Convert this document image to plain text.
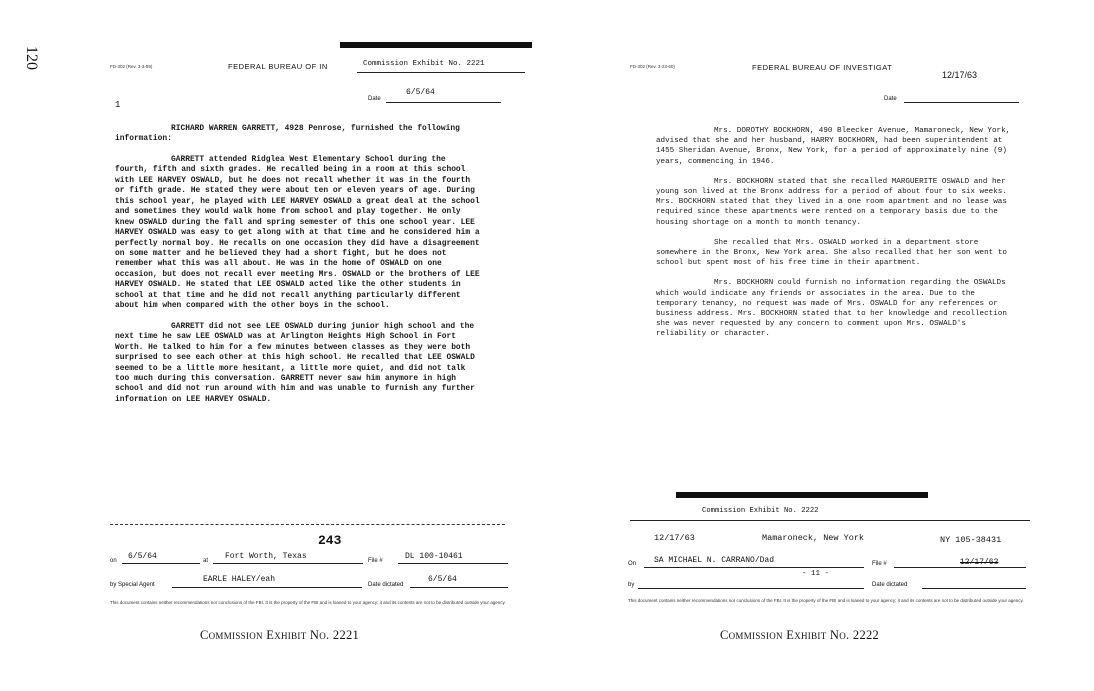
120	FD-302 (Rev. 3-3-59)	FEDERAL BUREAU OF IN	Commission Exhibit No. 2221
Date
6/5/64
1

RICHARD WARREN GARRETT, 4928 Penrose, furnished the following information:

GARRETT attended Ridglea West Elementary School during the fourth, fifth and sixth grades. He recalled being in a room at this school with LEE HARVEY OSWALD, but he does not recall whether it was in the fourth or fifth grade. He stated they were about ten or eleven years of age. During this school year, he played with LEE HARVEY OSWALD a great deal at the school and sometimes they would walk home from school and play together. He only knew OSWALD during the fall and spring semester of this one school year. LEE HARVEY OSWALD was easy to get along with at that time and he considered him a perfectly normal boy. He recalls on one occasion they did have a disagreement on some matter and he believed they had a short fight, but he does not remember what this was all about. He was in the home of OSWALD on one occasion, but does not recall ever meeting Mrs. OSWALD or the brothers of LEE HARVEY OSWALD. He stated that LEE OSWALD acted like the other students in school at that time and he did not recall anything particularly different about him when compared with the other boys in the school.

GARRETT did not see LEE OSWALD during junior high school and the next time he saw LEE OSWALD was at Arlington Heights High School in Fort Worth. He talked to him for a few minutes between classes as they were both surprised to see each other at this high school. He recalled that LEE OSWALD seemed to be a little more hesitant, a little more quiet, and did not talk too much during this conversation. GARRETT never saw him anymore in high school and did not run around with him and was unable to furnish any further information on LEE HARVEY OSWALD.

243
on 6/5/64	at Fort Worth, Texas	File #	DL 100-10461
by Special Agent
EARLE HALEY/eah
Date dictated
6/5/64
This document contains neither recommendations nor conclusions of the FBI. It is the property of the FBI and is loaned to your agency; it and its contents are not to be distributed outside your agency.
Commission Exhibit No. 2221
FD-302 (Rev. 3-23-60)	FEDERAL BUREAU OF INVESTIGAT
12/17/63
Date

Mrs. DOROTHY BOCKHORN, 490 Bleecker Avenue, Mamaroneck, New York, advised that she and her husband, HARRY BOCKHORN, had been superintendent at 1455 Sheridan Avenue, Bronx, New York, for a period of approximately nine (9) years, commencing in 1946.

Mrs. BOCKHORN stated that she recalled MARGUERITE OSWALD and her young son lived at the Bronx address for a period of about four to six weeks. Mrs. BOCKHORN stated that they lived in a one room apartment and no lease was required since these apartments were rented on a temporary basis due to the housing shortage on a month to month tenancy.

She recalled that Mrs. OSWALD worked in a department store somewhere in the Bronx, New York area. She also recalled that her son went to school but spent most of his free time in their apartment.

Mrs. BOCKHORN could furnish no information regarding the OSWALDs which would indicate any friends or associates in the area. Due to the temporary tenancy, no request was made of Mrs. OSWALD for any references or business address. Mrs. BOCKHORN stated that to her knowledge and recollection she was never requested by any concern to comment upon Mrs. OSWALD's reliability or character.

Commission Exhibit No. 2222
12/17/63	Mamaroneck, New York	NY 105-38431
On SA MICHAEL N. CARRANO/Dad	File #	12/17/63
- 11 -
by	Date dictated
This document contains neither recommendations nor conclusions of the FBI. It is the property of the FBI and is loaned to your agency; it and its contents are not to be distributed outside your agency.
Commission Exhibit No. 2222
